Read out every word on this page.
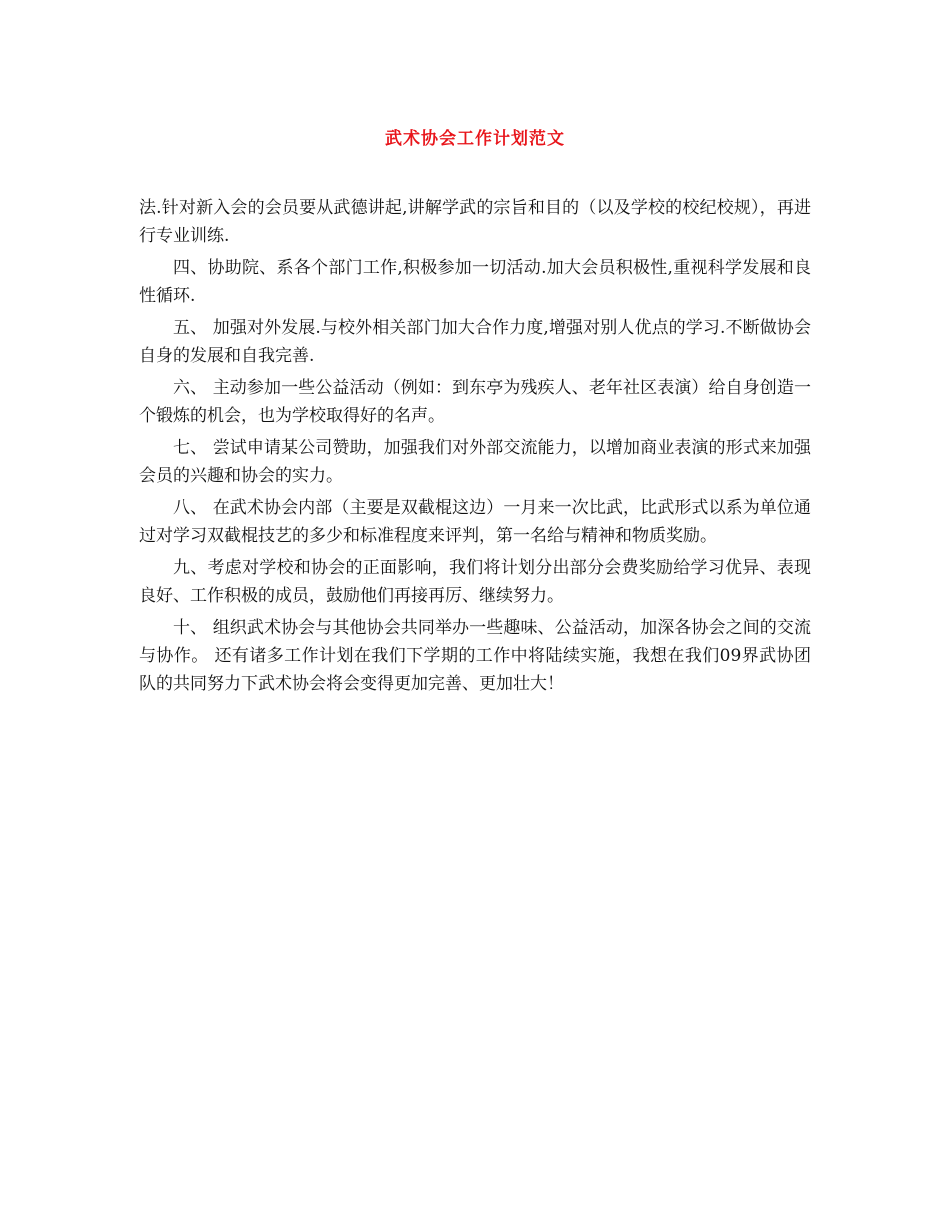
武术协会工作计划范文

法.针对新入会的会员要从武德讲起,讲解学武的宗旨和目的（以及学校的校纪校规），再进行专业训练.

四、协助院、系各个部门工作,积极参加一切活动.加大会员积极性,重视科学发展和良性循环.

五、 加强对外发展.与校外相关部门加大合作力度,增强对别人优点的学习.不断做协会自身的发展和自我完善.

六、 主动参加一些公益活动（例如：到东亭为残疾人、老年社区表演）给自身创造一个锻炼的机会，也为学校取得好的名声。

七、 尝试申请某公司赞助，加强我们对外部交流能力，以增加商业表演的形式来加强会员的兴趣和协会的实力。

八、 在武术协会内部（主要是双截棍这边）一月来一次比武，比武形式以系为单位通过对学习双截棍技艺的多少和标准程度来评判，第一名给与精神和物质奖励。

九、考虑对学校和协会的正面影响，我们将计划分出部分会费奖励给学习优异、表现良好、工作积极的成员，鼓励他们再接再厉、继续努力。

十、 组织武术协会与其他协会共同举办一些趣味、公益活动，加深各协会之间的交流与协作。 还有诸多工作计划在我们下学期的工作中将陆续实施，我想在我们09界武协团队的共同努力下武术协会将会变得更加完善、更加壮大！
